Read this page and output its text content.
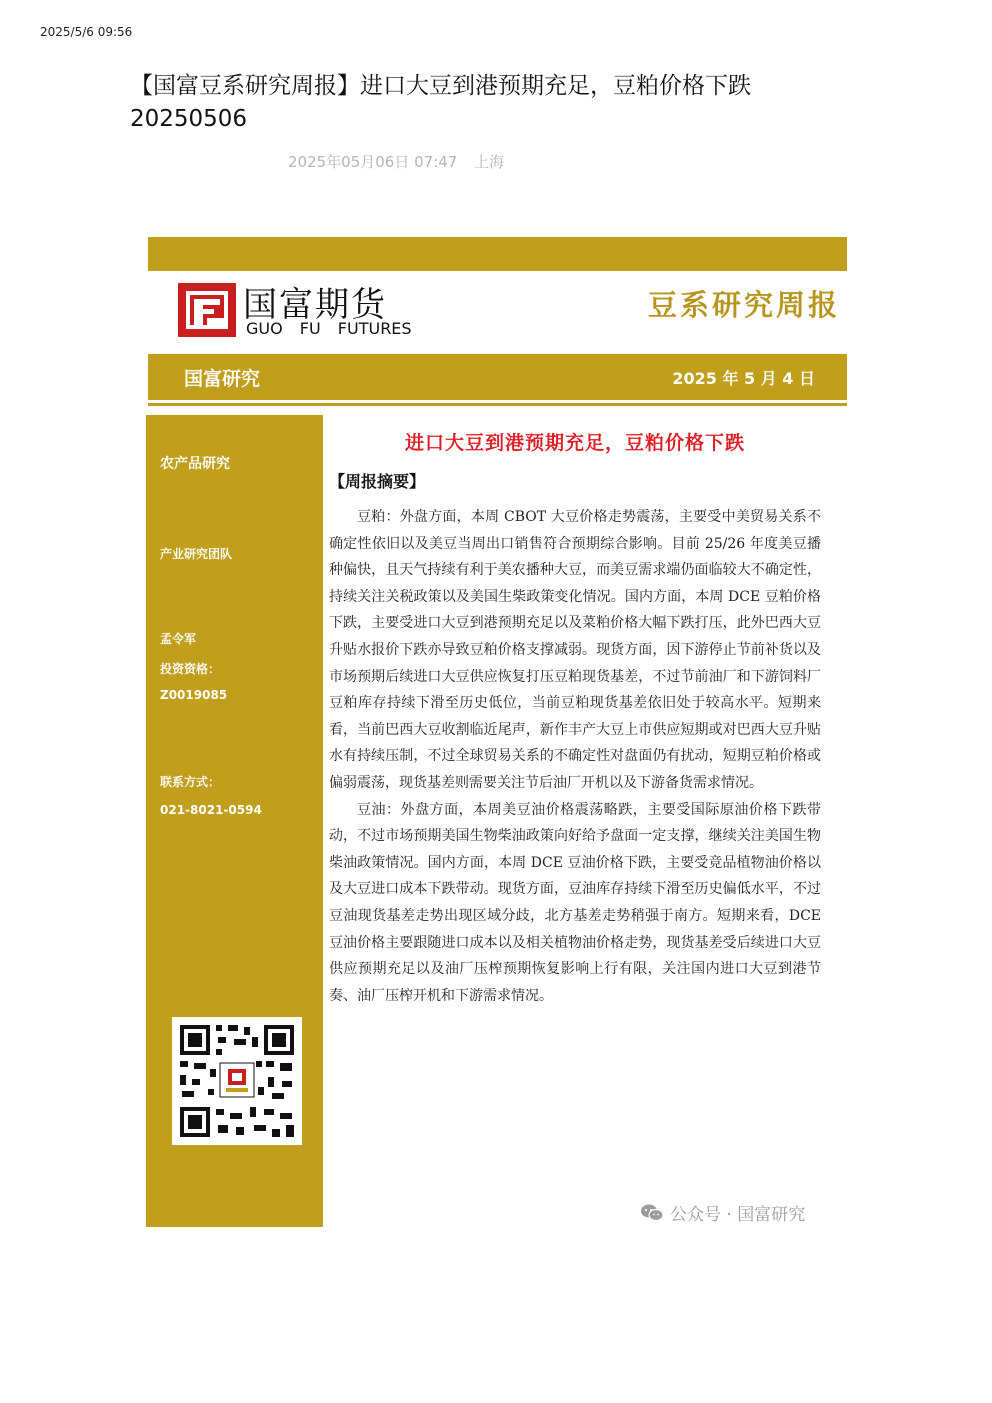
2025/5/6 09:56
【国富豆系研究周报】进口大豆到港预期充足，豆粕价格下跌20250506
2025年05月06日 07:47 上海
国富期货
GUO FU FUTURES
豆系研究周报
国富研究	2025 年 5 月 4 日
农产品研究
产业研究团队
孟令军
投资资格：
Z0019085
联系方式：
021-8021-0594
进口大豆到港预期充足，豆粕价格下跌
【周报摘要】

豆粕：外盘方面，本周 CBOT 大豆价格走势震荡，主要受中美贸易关系不确定性依旧以及美豆当周出口销售符合预期综合影响。目前 25/26 年度美豆播种偏快，且天气持续有利于美农播种大豆，而美豆需求端仍面临较大不确定性，持续关注关税政策以及美国生柴政策变化情况。国内方面，本周 DCE 豆粕价格下跌，主要受进口大豆到港预期充足以及菜粕价格大幅下跌打压，此外巴西大豆升贴水报价下跌亦导致豆粕价格支撑减弱。现货方面，因下游停止节前补货以及市场预期后续进口大豆供应恢复打压豆粕现货基差，不过节前油厂和下游饲料厂豆粕库存持续下滑至历史低位，当前豆粕现货基差依旧处于较高水平。短期来看，当前巴西大豆收割临近尾声，新作丰产大豆上市供应短期或对巴西大豆升贴水有持续压制，不过全球贸易关系的不确定性对盘面仍有扰动，短期豆粕价格或偏弱震荡，现货基差则需要关注节后油厂开机以及下游备货需求情况。

豆油：外盘方面，本周美豆油价格震荡略跌，主要受国际原油价格下跌带动，不过市场预期美国生物柴油政策向好给予盘面一定支撑，继续关注美国生物柴油政策情况。国内方面，本周 DCE 豆油价格下跌，主要受竞品植物油价格以及大豆进口成本下跌带动。现货方面，豆油库存持续下滑至历史偏低水平，不过豆油现货基差走势出现区域分歧，北方基差走势稍强于南方。短期来看，DCE 豆油价格主要跟随进口成本以及相关植物油价格走势，现货基差受后续进口大豆供应预期充足以及油厂压榨预期恢复影响上行有限，关注国内进口大豆到港节奏、油厂压榨开机和下游需求情况。

公众号 · 国富研究
